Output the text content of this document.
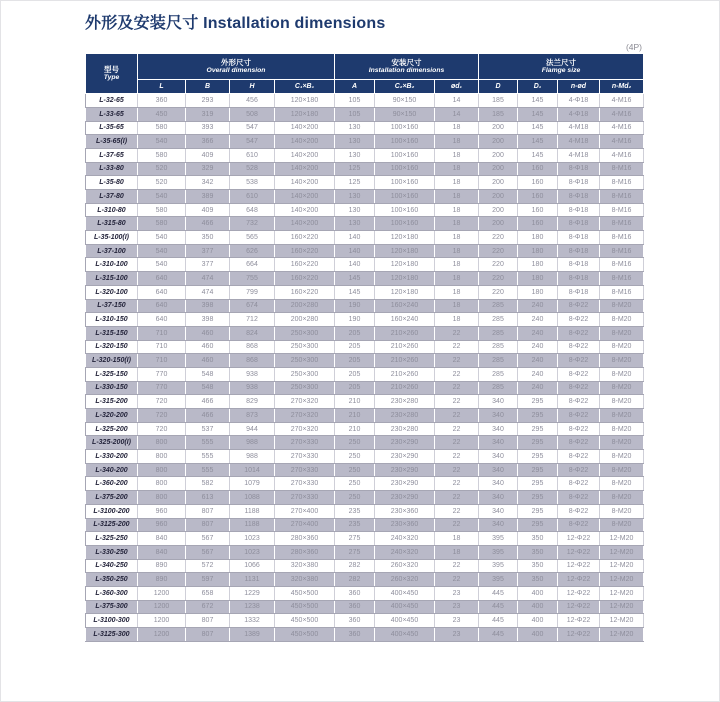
外形及安装尺寸 Installation dimensions
(4P)
型号
Type

外形尺寸
Overall dimension

安装尺寸
Installation dimensions

法兰尺寸
Flamge size

	L	B	H	C₁×B₁	A	C₂×B₂	ød₁	D	D₁	n-ød	n-Md₂
L-32-65	360	293	456	120×180	105	90×150	14	185	145	4-Φ18	4-M16
L-33-65	450	319	508	120×180	105	90×150	14	185	145	4-Φ18	4-M16
L-35-65	580	393	547	140×200	130	100×160	18	200	145	4-M18	4-M16
L-35-65(I)	540	366	547	140×200	130	100×160	18	200	145	4-M18	4-M16
L-37-65	580	409	610	140×200	130	100×160	18	200	145	4-M18	4-M16
L-33-80	520	329	528	140×200	125	100×160	18	200	160	8-Φ18	8-M16
L-35-80	520	342	538	140×200	125	100×160	18	200	160	8-Φ18	8-M16
L-37-80	540	389	610	140×200	130	100×160	18	200	160	8-Φ18	8-M16
L-310-80	580	409	648	140×200	130	100×160	18	200	160	8-Φ18	8-M16
L-315-80	580	466	732	140×200	130	100×160	18	200	160	8-Φ18	8-M16
L-35-100(I)	540	350	565	160×220	140	120×180	18	220	180	8-Φ18	8-M16
L-37-100	540	377	626	160×220	140	120×180	18	220	180	8-Φ18	8-M16
L-310-100	540	377	664	160×220	140	120×180	18	220	180	8-Φ18	8-M16
L-315-100	640	474	755	160×220	145	120×180	18	220	180	8-Φ18	8-M16
L-320-100	640	474	799	160×220	145	120×180	18	220	180	8-Φ18	8-M16
L-37-150	640	398	674	200×280	190	160×240	18	285	240	8-Φ22	8-M20
L-310-150	640	398	712	200×280	190	160×240	18	285	240	8-Φ22	8-M20
L-315-150	710	460	824	250×300	205	210×260	22	285	240	8-Φ22	8-M20
L-320-150	710	460	868	250×300	205	210×260	22	285	240	8-Φ22	8-M20
L-320-150(I)	710	460	868	250×300	205	210×260	22	285	240	8-Φ22	8-M20
L-325-150	770	548	938	250×300	205	210×260	22	285	240	8-Φ22	8-M20
L-330-150	770	548	938	250×300	205	210×260	22	285	240	8-Φ22	8-M20
L-315-200	720	466	829	270×320	210	230×280	22	340	295	8-Φ22	8-M20
L-320-200	720	466	873	270×320	210	230×280	22	340	295	8-Φ22	8-M20
L-325-200	720	537	944	270×320	210	230×280	22	340	295	8-Φ22	8-M20
L-325-200(I)	800	555	988	270×330	250	230×290	22	340	295	8-Φ22	8-M20
L-330-200	800	555	988	270×330	250	230×290	22	340	295	8-Φ22	8-M20
L-340-200	800	555	1014	270×330	250	230×290	22	340	295	8-Φ22	8-M20
L-360-200	800	582	1079	270×330	250	230×290	22	340	295	8-Φ22	8-M20
L-375-200	800	613	1088	270×330	250	230×290	22	340	295	8-Φ22	8-M20
L-3100-200	960	807	1188	270×400	235	230×360	22	340	295	8-Φ22	8-M20
L-3125-200	960	807	1188	270×400	235	230×360	22	340	295	8-Φ22	8-M20
L-325-250	840	567	1023	280×360	275	240×320	18	395	350	12-Φ22	12-M20
L-330-250	840	567	1023	280×360	275	240×320	18	395	350	12-Φ22	12-M20
L-340-250	890	572	1066	320×380	282	260×320	22	395	350	12-Φ22	12-M20
L-350-250	890	597	1131	320×380	282	260×320	22	395	350	12-Φ22	12-M20
L-360-300	1200	658	1229	450×500	360	400×450	23	445	400	12-Φ22	12-M20
L-375-300	1200	672	1238	450×500	360	400×450	23	445	400	12-Φ22	12-M20
L-3100-300	1200	807	1332	450×500	360	400×450	23	445	400	12-Φ22	12-M20
L-3125-300	1200	807	1389	450×500	360	400×450	23	445	400	12-Φ22	12-M20
